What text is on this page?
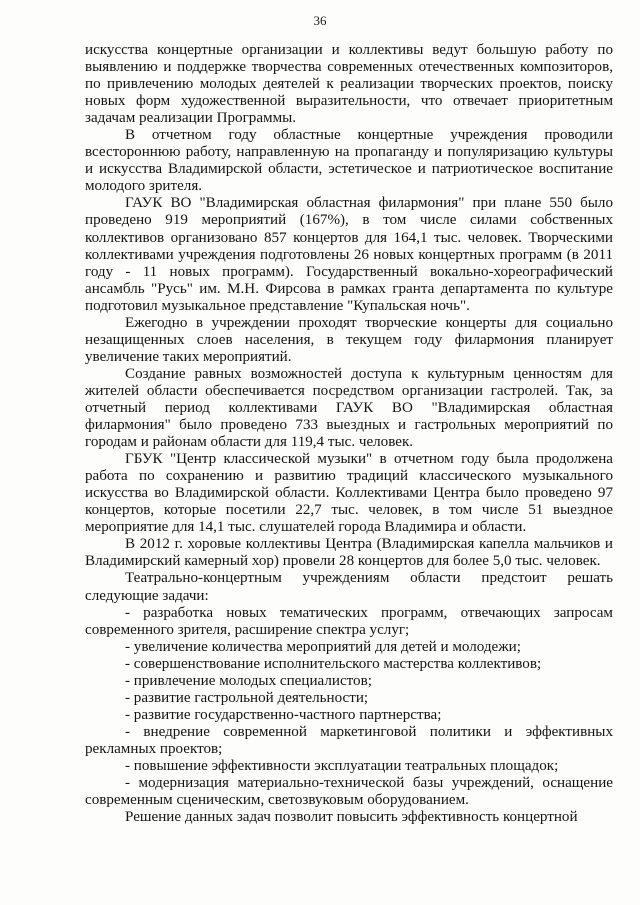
36

искусства концертные организации и коллективы ведут большую работу по выявлению и поддержке творчества современных отечественных композиторов, по привлечению молодых деятелей к реализации творческих проектов, поиску новых форм художественной выразительности, что отвечает приоритетным задачам реализации Программы.

В отчетном году областные концертные учреждения проводили всестороннюю работу, направленную на пропаганду и популяризацию культуры и искусства Владимирской области, эстетическое и патриотическое воспитание молодого зрителя.

ГАУК ВО "Владимирская областная филармония" при плане 550 было проведено 919 мероприятий (167%), в том числе силами собственных коллективов организовано 857 концертов для 164,1 тыс. человек. Творческими коллективами учреждения подготовлены 26 новых концертных программ (в 2011 году - 11 новых программ). Государственный вокально-хореографический ансамбль "Русь" им. М.Н. Фирсова в рамках гранта департамента по культуре подготовил музыкальное представление "Купальская ночь".

Ежегодно в учреждении проходят творческие концерты для социально незащищенных слоев населения, в текущем году филармония планирует увеличение таких мероприятий.

Создание равных возможностей доступа к культурным ценностям для жителей области обеспечивается посредством организации гастролей. Так, за отчетный период коллективами ГАУК ВО "Владимирская областная филармония" было проведено 733 выездных и гастрольных мероприятий по городам и районам области для 119,4 тыс. человек.

ГБУК "Центр классической музыки" в отчетном году была продолжена работа по сохранению и развитию традиций классического музыкального искусства во Владимирской области. Коллективами Центра было проведено 97 концертов, которые посетили 22,7 тыс. человек, в том числе 51 выездное мероприятие для 14,1 тыс. слушателей города Владимира и области.

В 2012 г. хоровые коллективы Центра (Владимирская капелла мальчиков и Владимирский камерный хор) провели 28 концертов для более 5,0 тыс. человек.

Театрально-концертным учреждениям области предстоит решать следующие задачи:

- разработка новых тематических программ, отвечающих запросам современного зрителя, расширение спектра услуг;

- увеличение количества мероприятий для детей и молодежи;

- совершенствование исполнительского мастерства коллективов;

- привлечение молодых специалистов;

- развитие гастрольной деятельности;

- развитие государственно-частного партнерства;

- внедрение современной маркетинговой политики и эффективных рекламных проектов;

- повышение эффективности эксплуатации театральных площадок;

- модернизация материально-технической базы учреждений, оснащение современным сценическим, светозвуковым оборудованием.

Решение данных задач позволит повысить эффективность концертной
